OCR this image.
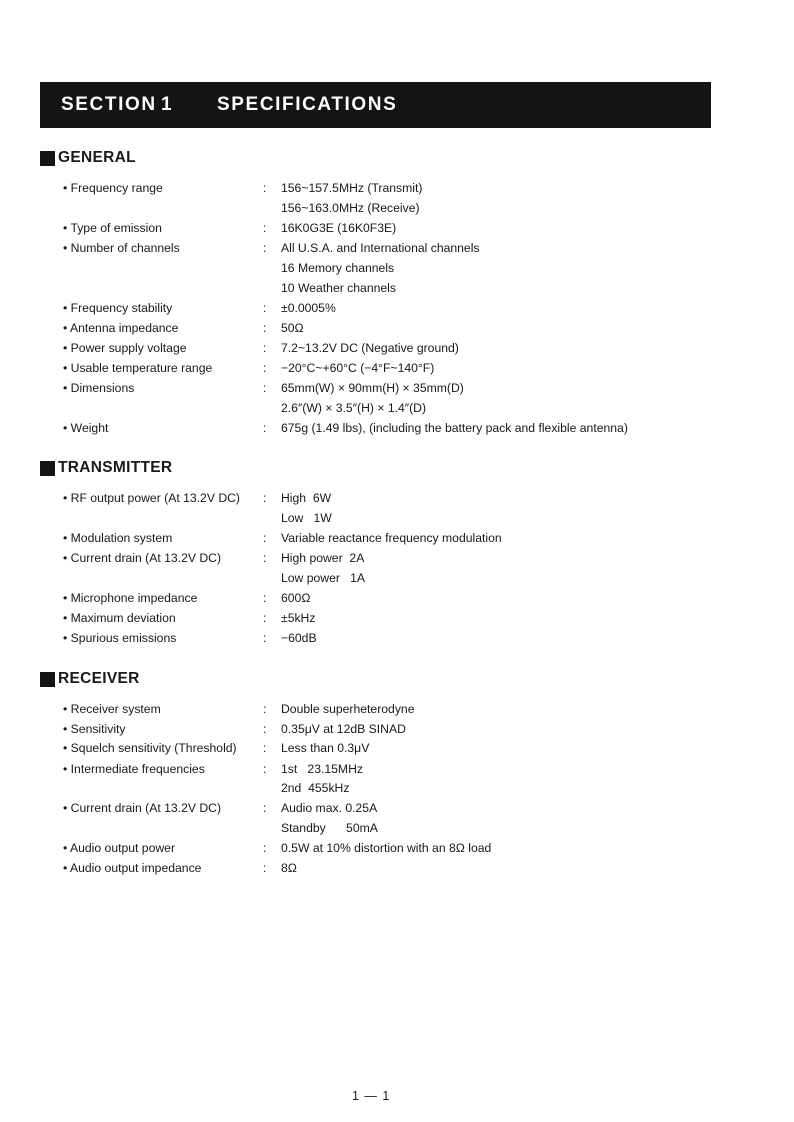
SECTION 1	SPECIFICATIONS
GENERAL
• Frequency range	: 156~157.5MHz (Transmit)
156~163.0MHz (Receive)
• Type of emission	: 16K0G3E (16K0F3E)
• Number of channels	: All U.S.A. and International channels
16 Memory channels
10 Weather channels
• Frequency stability	: ±0.0005%
• Antenna impedance	: 50Ω
• Power supply voltage	: 7.2~13.2V DC (Negative ground)
• Usable temperature range	: −20°C~+60°C (−4°F~140°F)
• Dimensions	: 65mm(W) × 90mm(H) × 35mm(D)
2.6″(W) × 3.5″(H) × 1.4″(D)
• Weight	: 675g (1.49 lbs), (including the battery pack and flexible antenna)
TRANSMITTER
• RF output power (At 13.2V DC) : High  6W
Low   1W
• Modulation system	: Variable reactance frequency modulation
• Current drain (At 13.2V DC)	: High power  2A
Low power   1A
• Microphone impedance	: 600Ω
• Maximum deviation	: ±5kHz
• Spurious emissions	: −60dB
RECEIVER
• Receiver system	: Double superheterodyne
• Sensitivity	: 0.35μV at 12dB SINAD
• Squelch sensitivity (Threshold) : Less than 0.3μV
• Intermediate frequencies	: 1st   23.15MHz
2nd  455kHz
• Current drain (At 13.2V DC)	: Audio max. 0.25A
Standby      50mA
• Audio output power	: 0.5W at 10% distortion with an 8Ω load
• Audio output impedance	: 8Ω
1 — 1
